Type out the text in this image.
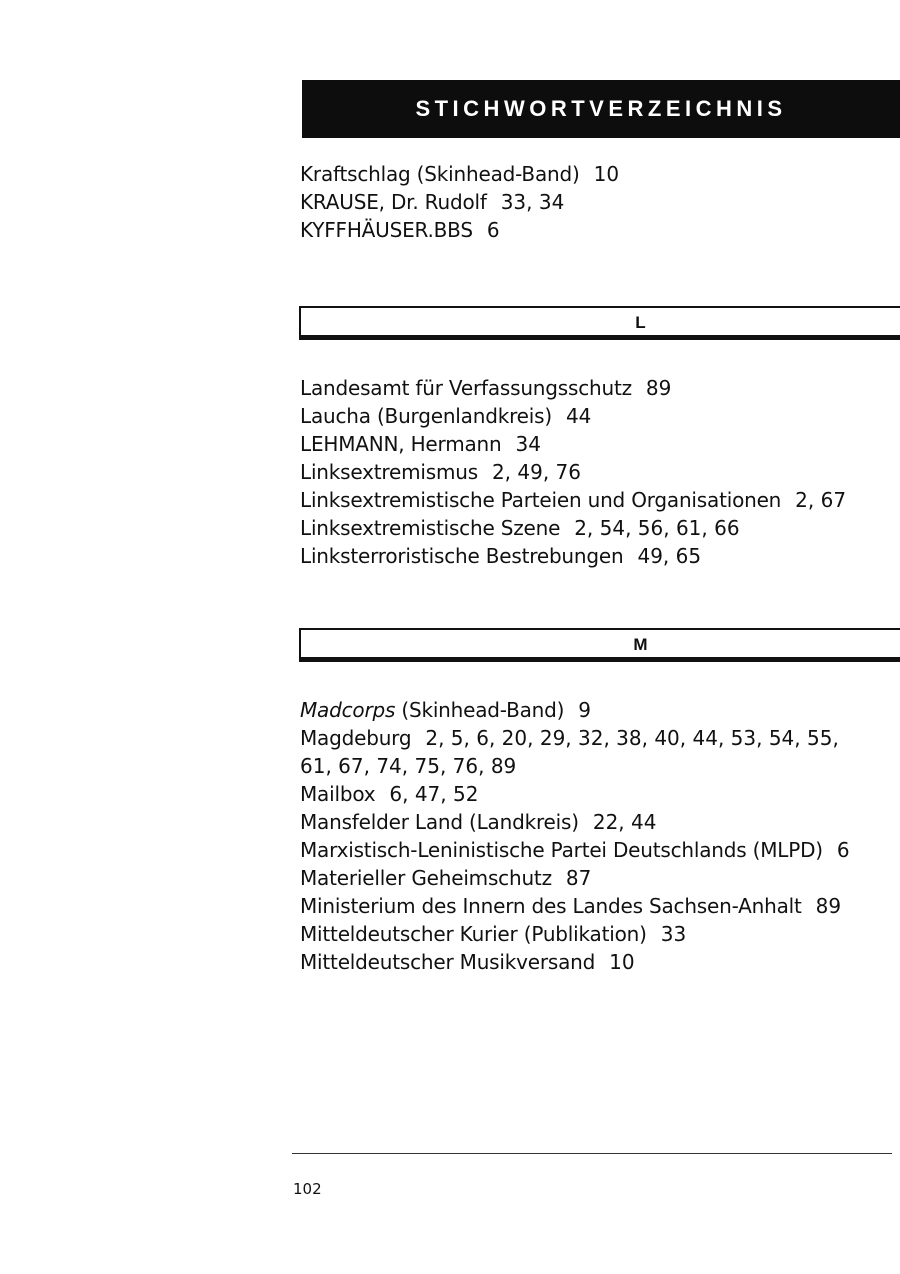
STICHWORTVERZEICHNIS
Kraftschlag (Skinhead-Band) 10
KRAUSE, Dr. Rudolf 33, 34
KYFFHÄUSER.BBS 6
L
Landesamt für Verfassungsschutz 89
Laucha (Burgenlandkreis) 44
LEHMANN, Hermann 34
Linksextremismus 2, 49, 76
Linksextremistische Parteien und Organisationen 2, 67
Linksextremistische Szene 2, 54, 56, 61, 66
Linksterroristische Bestrebungen 49, 65
M
Madcorps (Skinhead-Band) 9
Magdeburg 2, 5, 6, 20, 29, 32, 38, 40, 44, 53, 54, 55,
61, 67, 74, 75, 76, 89
Mailbox 6, 47, 52
Mansfelder Land (Landkreis) 22, 44
Marxistisch-Leninistische Partei Deutschlands (MLPD) 6
Materieller Geheimschutz 87
Ministerium des Innern des Landes Sachsen-Anhalt 89
Mitteldeutscher Kurier (Publikation) 33
Mitteldeutscher Musikversand 10
102
